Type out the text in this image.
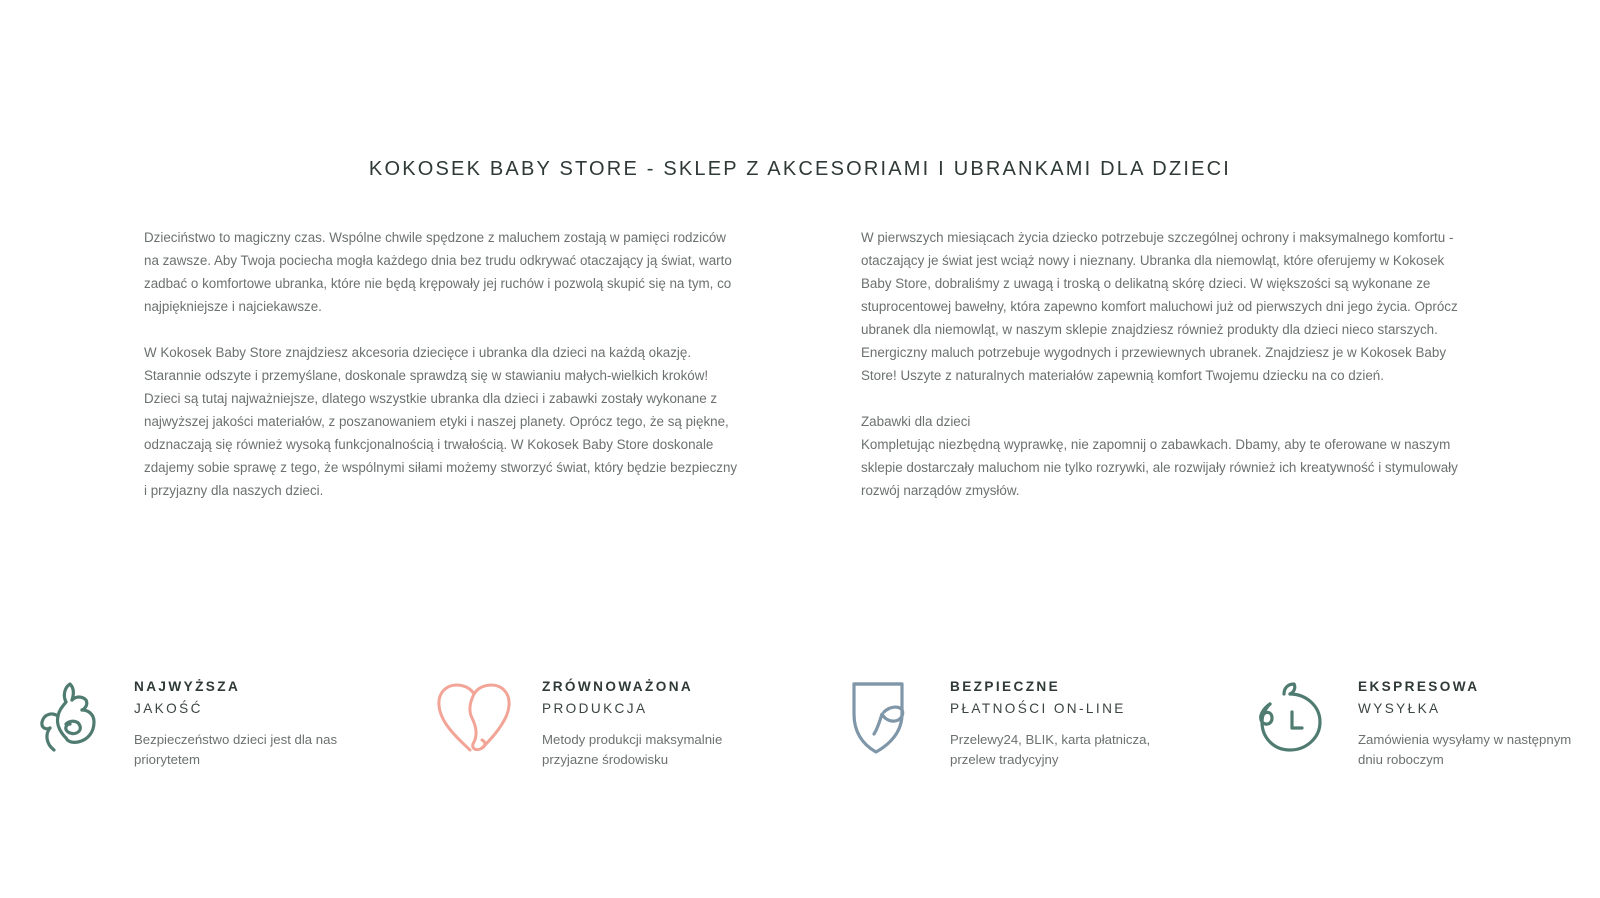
KOKOSEK BABY STORE - SKLEP Z AKCESORIAMI I UBRANKAMI DLA DZIECI

Dzieciństwo to magiczny czas. Wspólne chwile spędzone z maluchem zostają w pamięci rodziców
na zawsze. Aby Twoja pociecha mogła każdego dnia bez trudu odkrywać otaczający ją świat, warto
zadbać o komfortowe ubranka, które nie będą krępowały jej ruchów i pozwolą skupić się na tym, co
najpiękniejsze i najciekawsze.

W Kokosek Baby Store znajdziesz akcesoria dziecięce i ubranka dla dzieci na każdą okazję.
Starannie odszyte i przemyślane, doskonale sprawdzą się w stawianiu małych-wielkich kroków!
Dzieci są tutaj najważniejsze, dlatego wszystkie ubranka dla dzieci i zabawki zostały wykonane z
najwyższej jakości materiałów, z poszanowaniem etyki i naszej planety. Oprócz tego, że są piękne,
odznaczają się również wysoką funkcjonalnością i trwałością. W Kokosek Baby Store doskonale
zdajemy sobie sprawę z tego, że wspólnymi siłami możemy stworzyć świat, który będzie bezpieczny
i przyjazny dla naszych dzieci.

W pierwszych miesiącach życia dziecko potrzebuje szczególnej ochrony i maksymalnego komfortu -
otaczający je świat jest wciąż nowy i nieznany. Ubranka dla niemowląt, które oferujemy w Kokosek
Baby Store, dobraliśmy z uwagą i troską o delikatną skórę dzieci. W większości są wykonane ze
stuprocentowej bawełny, która zapewno komfort maluchowi już od pierwszych dni jego życia. Oprócz
ubranek dla niemowląt, w naszym sklepie znajdziesz również produkty dla dzieci nieco starszych.
Energiczny maluch potrzebuje wygodnych i przewiewnych ubranek. Znajdziesz je w Kokosek Baby
Store! Uszyte z naturalnych materiałów zapewnią komfort Twojemu dziecku na co dzień.

Zabawki dla dzieci
Kompletując niezbędną wyprawkę, nie zapomnij o zabawkach. Dbamy, aby te oferowane w naszym
sklepie dostarczały maluchom nie tylko rozrywki, ale rozwijały również ich kreatywność i stymulowały
rozwój narządów zmysłów.

NAJWYŻSZA
JAKOŚĆ
Bezpieczeństwo dzieci jest dla nas
priorytetem
ZRÓWNOWAŻONA
PRODUKCJA
Metody produkcji maksymalnie
przyjazne środowisku
BEZPIECZNE
PŁATNOŚCI ON-LINE
Przelewy24, BLIK, karta płatnicza,
przelew tradycyjny
EKSPRESOWA
WYSYŁKA
Zamówienia wysyłamy w następnym
dniu roboczym
